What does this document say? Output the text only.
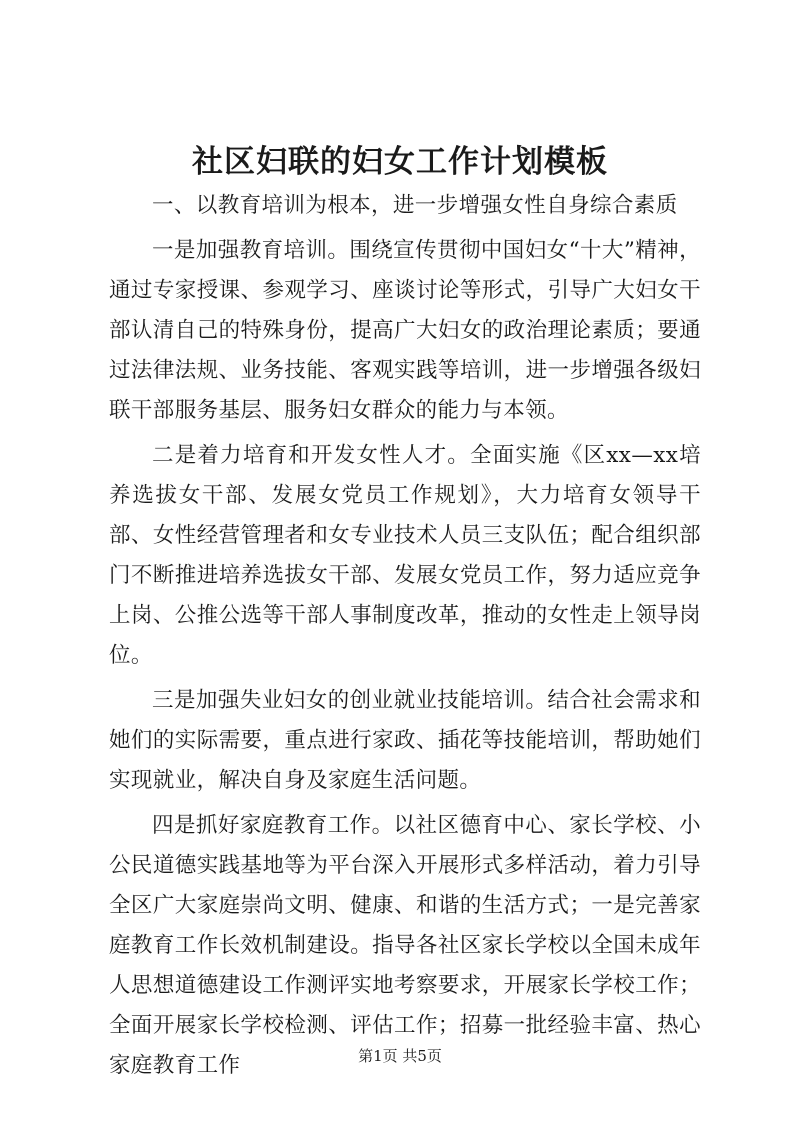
社区妇联的妇女工作计划模板

一、以教育培训为根本，进一步增强女性自身综合素质

一是加强教育培训。围绕宣传贯彻中国妇女“十大”精神，通过专家授课、参观学习、座谈讨论等形式，引导广大妇女干部认清自己的特殊身份，提高广大妇女的政治理论素质；要通过法律法规、业务技能、客观实践等培训，进一步增强各级妇联干部服务基层、服务妇女群众的能力与本领。

二是着力培育和开发女性人才。全面实施《区xx—xx培养选拔女干部、发展女党员工作规划》，大力培育女领导干部、女性经营管理者和女专业技术人员三支队伍；配合组织部门不断推进培养选拔女干部、发展女党员工作，努力适应竞争上岗、公推公选等干部人事制度改革，推动的女性走上领导岗位。

三是加强失业妇女的创业就业技能培训。结合社会需求和她们的实际需要，重点进行家政、插花等技能培训，帮助她们实现就业，解决自身及家庭生活问题。

四是抓好家庭教育工作。以社区德育中心、家长学校、小公民道德实践基地等为平台深入开展形式多样活动，着力引导全区广大家庭崇尚文明、健康、和谐的生活方式；一是完善家庭教育工作长效机制建设。指导各社区家长学校以全国未成年人思想道德建设工作测评实地考察要求，开展家长学校工作；全面开展家长学校检测、评估工作；招募一批经验丰富、热心家庭教育工作	第1页 共5页
